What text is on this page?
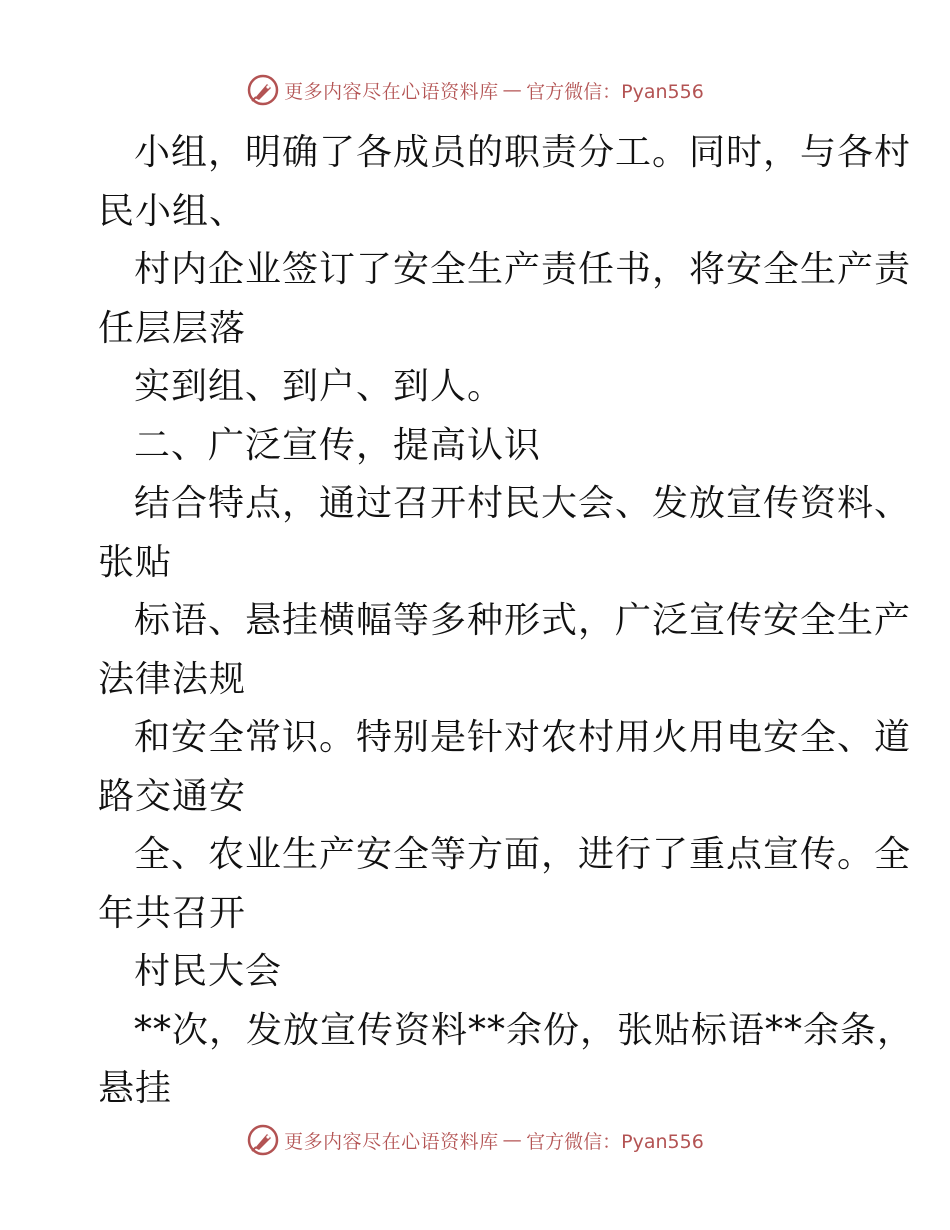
更多内容尽在心语资料库 — 官方微信：Pyan556
小组，明确了各成员的职责分工。同时，与各村
民小组、
村内企业签订了安全生产责任书，将安全生产责
任层层落
实到组、到户、到人。
二、广泛宣传，提高认识
结合特点，通过召开村民大会、发放宣传资料、
张贴
标语、悬挂横幅等多种形式，广泛宣传安全生产
法律法规
和安全常识。特别是针对农村用火用电安全、道
路交通安
全、农业生产安全等方面，进行了重点宣传。全
年共召开
村民大会
**次，发放宣传资料**余份，张贴标语**余条，
悬挂
更多内容尽在心语资料库 — 官方微信：Pyan556
